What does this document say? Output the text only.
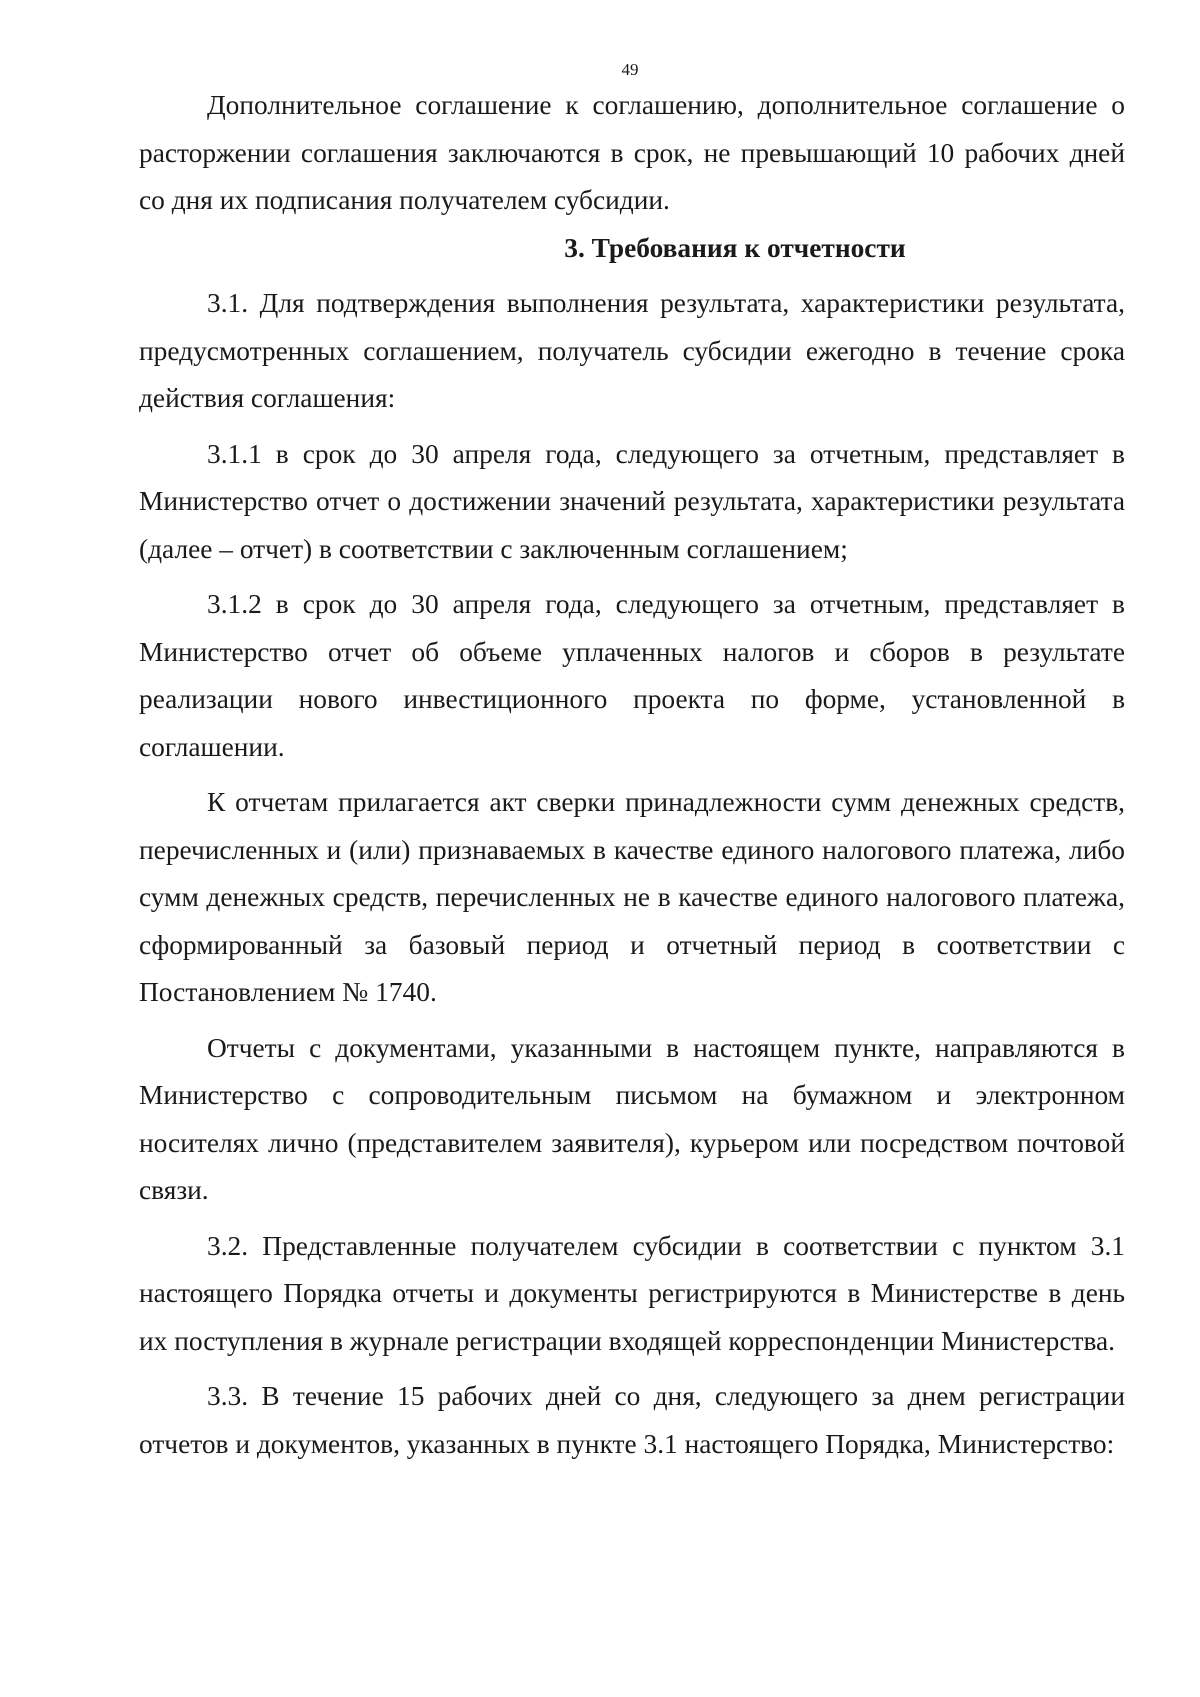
49

Дополнительное соглашение к соглашению, дополнительное соглашение о расторжении соглашения заключаются в срок, не превышающий 10 рабочих дней со дня их подписания получателем субсидии.

3. Требования к отчетности

3.1. Для подтверждения выполнения результата, характеристики результата, предусмотренных соглашением, получатель субсидии ежегодно в течение срока действия соглашения:

3.1.1 в срок до 30 апреля года, следующего за отчетным, представляет в Министерство отчет о достижении значений результата, характеристики результата (далее – отчет) в соответствии с заключенным соглашением;

3.1.2 в срок до 30 апреля года, следующего за отчетным, представляет в Министерство отчет об объеме уплаченных налогов и сборов в результате реализации нового инвестиционного проекта по форме, установленной в соглашении.

К отчетам прилагается акт сверки принадлежности сумм денежных средств, перечисленных и (или) признаваемых в качестве единого налогового платежа, либо сумм денежных средств, перечисленных не в качестве единого налогового платежа, сформированный за базовый период и отчетный период в соответствии с Постановлением № 1740.

Отчеты с документами, указанными в настоящем пункте, направляются в Министерство с сопроводительным письмом на бумажном и электронном носителях лично (представителем заявителя), курьером или посредством почтовой связи.

3.2. Представленные получателем субсидии в соответствии с пунктом 3.1 настоящего Порядка отчеты и документы регистрируются в Министерстве в день их поступления в журнале регистрации входящей корреспонденции Министерства.

3.3. В течение 15 рабочих дней со дня, следующего за днем регистрации отчетов и документов, указанных в пункте 3.1 настоящего Порядка, Министерство:
